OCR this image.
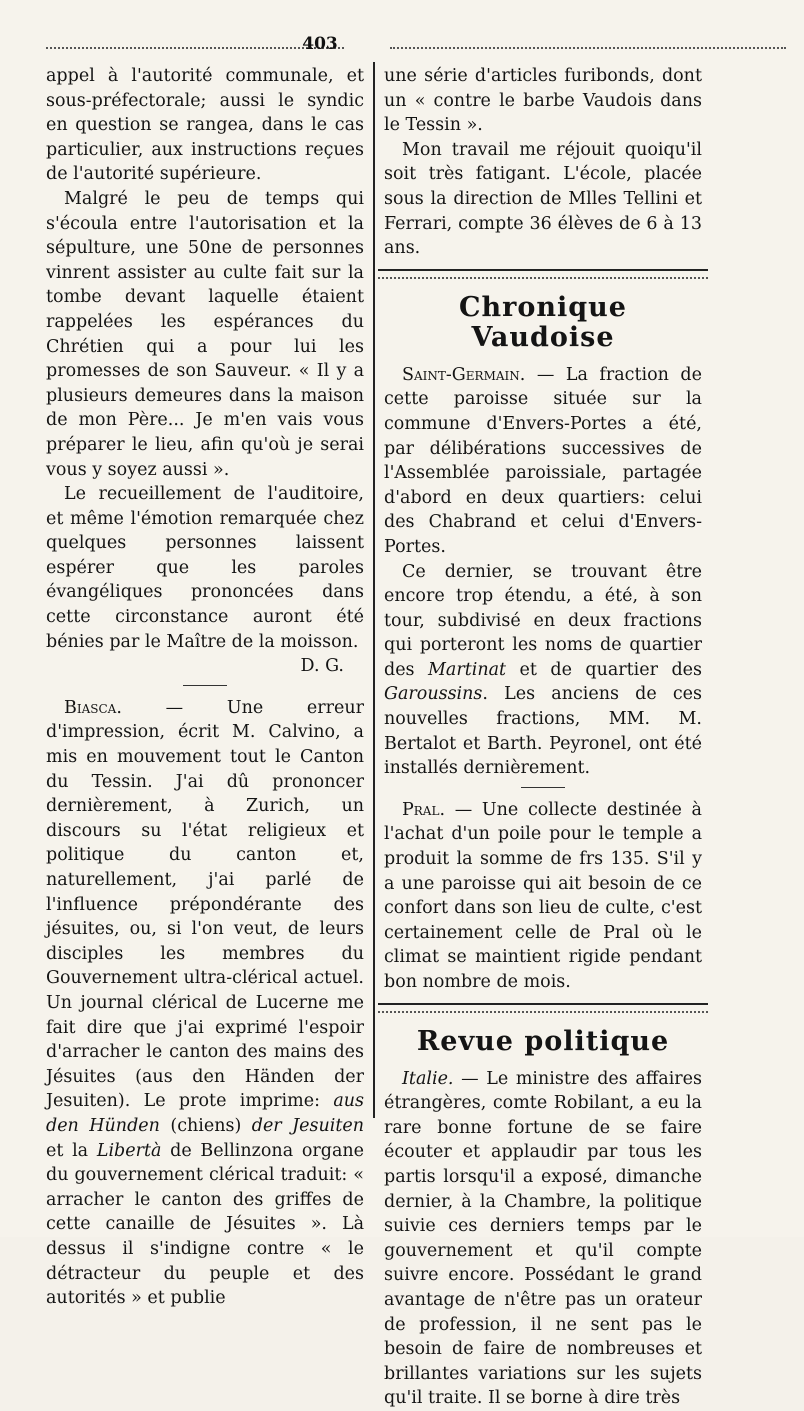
403

appel à l'autorité communale, et sous-préfectorale; aussi le syndic en question se rangea, dans le cas particulier, aux instructions reçues de l'autorité supérieure.

Malgré le peu de temps qui s'écoula entre l'autorisation et la sépulture, une 50ne de personnes vinrent assister au culte fait sur la tombe devant laquelle étaient rappelées les espérances du Chrétien qui a pour lui les promesses de son Sauveur. « Il y a plusieurs demeures dans la maison de mon Père... Je m'en vais vous préparer le lieu, afin qu'où je serai vous y soyez aussi ».

Le recueillement de l'auditoire, et même l'émotion remarquée chez quelques personnes laissent espérer que les paroles évangéliques prononcées dans cette circonstance auront été bénies par le Maître de la moisson.

D. G.

Biasca. — Une erreur d'impression, écrit M. Calvino, a mis en mouvement tout le Canton du Tessin. J'ai dû prononcer dernièrement, à Zurich, un discours su l'état religieux et politique du canton et, naturellement, j'ai parlé de l'influence prépondérante des jésuites, ou, si l'on veut, de leurs disciples les membres du Gouvernement ultra-clérical actuel. Un journal clérical de Lucerne me fait dire que j'ai exprimé l'espoir d'arracher le canton des mains des Jésuites (aus den Händen der Jesuiten). Le prote imprime: aus den Hünden (chiens) der Jesuiten et la Libertà de Bellinzona organe du gouvernement clérical traduit: « arracher le canton des griffes de cette canaille de Jésuites ». Là dessus il s'indigne contre « le détracteur du peuple et des autorités » et publie

une série d'articles furibonds, dont un « contre le barbe Vaudois dans le Tessin ».

Mon travail me réjouit quoiqu'il soit très fatigant. L'école, placée sous la direction de Mlles Tellini et Ferrari, compte 36 élèves de 6 à 13 ans.

Chronique Vaudoise

Saint-Germain. — La fraction de cette paroisse située sur la commune d'Envers-Portes a été, par délibérations successives de l'Assemblée paroissiale, partagée d'abord en deux quartiers: celui des Chabrand et celui d'Envers-Portes.

Ce dernier, se trouvant être encore trop étendu, a été, à son tour, subdivisé en deux fractions qui porteront les noms de quartier des Martinat et de quartier des Garoussins. Les anciens de ces nouvelles fractions, MM. M. Bertalot et Barth. Peyronel, ont été installés dernièrement.

Pral. — Une collecte destinée à l'achat d'un poile pour le temple a produit la somme de frs 135. S'il y a une paroisse qui ait besoin de ce confort dans son lieu de culte, c'est certainement celle de Pral où le climat se maintient rigide pendant bon nombre de mois.

Revue politique

Italie. — Le ministre des affaires étrangères, comte Robilant, a eu la rare bonne fortune de se faire écouter et applaudir par tous les partis lorsqu'il a exposé, dimanche dernier, à la Chambre, la politique suivie ces derniers temps par le gouvernement et qu'il compte suivre encore. Possédant le grand avantage de n'être pas un orateur de profession, il ne sent pas le besoin de faire de nombreuses et brillantes variations sur les sujets qu'il traite. Il se borne à dire très
